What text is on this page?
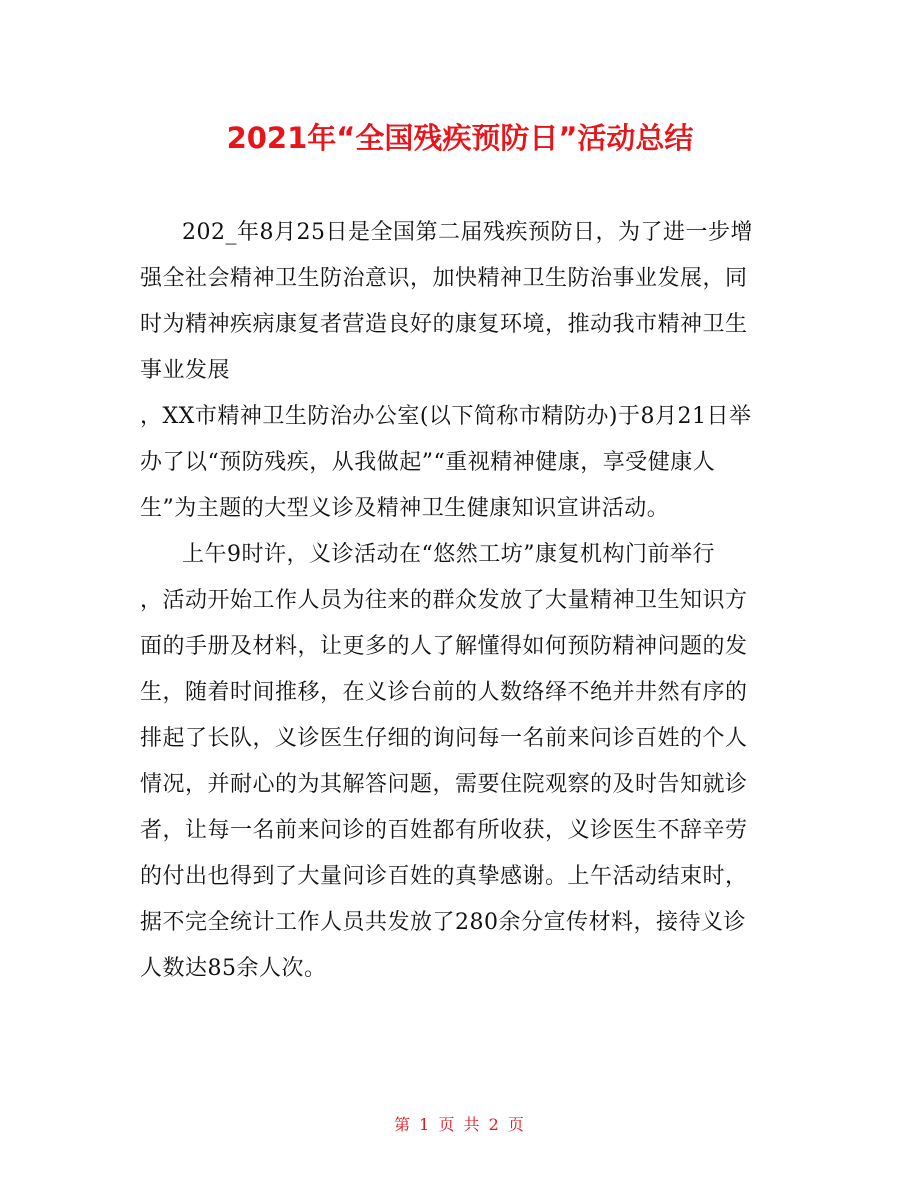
2021年“全国残疾预防日”活动总结
202_年8月25日是全国第二届残疾预防日，为了进一步增
强全社会精神卫生防治意识，加快精神卫生防治事业发展，同
时为精神疾病康复者营造良好的康复环境，推动我市精神卫生
事业发展
，XX市精神卫生防治办公室(以下简称市精防办)于8月21日举
办了以“预防残疾，从我做起”“重视精神健康，享受健康人
生”为主题的大型义诊及精神卫生健康知识宣讲活动。
上午9时许，义诊活动在“悠然工坊”康复机构门前举行
，活动开始工作人员为往来的群众发放了大量精神卫生知识方
面的手册及材料，让更多的人了解懂得如何预防精神问题的发
生，随着时间推移，在义诊台前的人数络绎不绝并井然有序的
排起了长队，义诊医生仔细的询问每一名前来问诊百姓的个人
情况，并耐心的为其解答问题，需要住院观察的及时告知就诊
者，让每一名前来问诊的百姓都有所收获，义诊医生不辞辛劳
的付出也得到了大量问诊百姓的真挚感谢。上午活动结束时，
据不完全统计工作人员共发放了280余分宣传材料，接待义诊
人数达85余人次。
第 1 页 共 2 页
